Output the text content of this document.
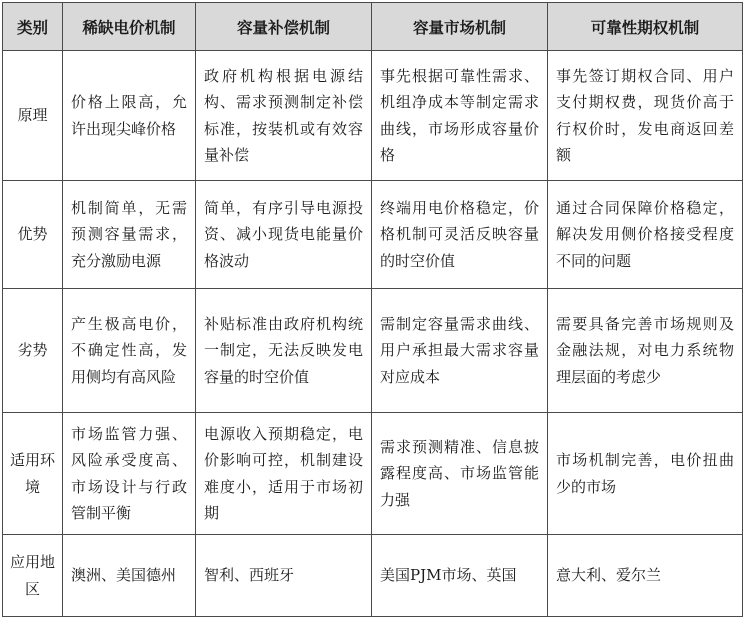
类别	稀缺电价机制	容量补偿机制	容量市场机制	可靠性期权机制
原理	价格上限高，允许出现尖峰价格	政府机构根据电源结构、需求预测制定补偿标准，按装机或有效容量补偿	事先根据可靠性需求、机组净成本等制定需求曲线，市场形成容量价格	事先签订期权合同、用户支付期权费，现货价高于行权价时，发电商返回差额
优势	机制简单，无需预测容量需求，充分激励电源	简单，有序引导电源投资、减小现货电能量价格波动	终端用电价格稳定，价格机制可灵活反映容量的时空价值	通过合同保障价格稳定，解决发用侧价格接受程度不同的问题
劣势	产生极高电价，不确定性高，发用侧均有高风险	补贴标准由政府机构统一制定，无法反映发电容量的时空价值	需制定容量需求曲线、用户承担最大需求容量对应成本	需要具备完善市场规则及金融法规，对电力系统物理层面的考虑少
适用环境	市场监管力强、风险承受度高、市场设计与行政管制平衡	电源收入预期稳定，电价影响可控，机制建设难度小，适用于市场初期	需求预测精准、信息披露程度高、市场监管能力强	市场机制完善，电价扭曲少的市场
应用地区	澳洲、美国德州	智利、西班牙	美国PJM市场、英国	意大利、爱尔兰
